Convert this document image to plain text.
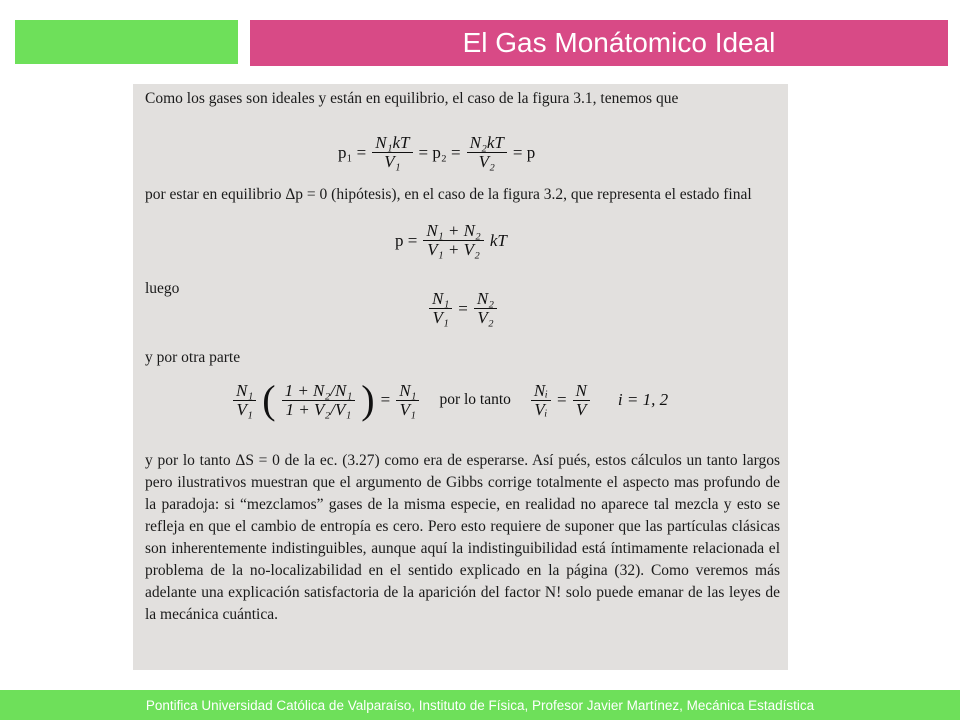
El Gas Monátomico Ideal
Como los gases son ideales y están en equilibrio, el caso de la figura 3.1, tenemos que
$p_1 = \frac{\text{N₁kT}}{\text{V₁}} = p_2 = \frac{\text{N₂kT}}{\text{V₂}} = p$
por estar en equilibrio Δp = 0 (hipótesis), en el caso de la figura 3.2, que representa el estado final
$p = \frac{\text{N₁ + N₂}}{\text{V₁ + V₂}}$ kT
luego
$\frac{\text{N₁}}{\text{V₁}} = \frac{\text{N₂}}{\text{V₂}}$
y por otra parte
$\frac{\text{N₁}}{\text{V₁}}$ ( $\frac{\text{1 + N₂/N₁}}{\text{1 + V₂/V₁}}$ ) = $\frac{\text{N₁}}{\text{V₁}}$ por lo tanto $\frac{\text{Nᵢ}}{\text{Vᵢ}} = \frac{N}{V}$ i = 1, 2
y por lo tanto ΔS = 0 de la ec. (3.27) como era de esperarse. Así pués, estos cálculos un tanto largos pero ilustrativos muestran que el argumento de Gibbs corrige totalmente el aspecto mas profundo de la paradoja: si “mezclamos” gases de la misma especie, en realidad no aparece tal mezcla y esto se refleja en que el cambio de entropía es cero. Pero esto requiere de suponer que las partículas clásicas son inherentemente indistinguibles, aunque aquí la indistinguibilidad está íntimamente relacionada el problema de la no-localizabilidad en el sentido explicado en la página (32). Como veremos más adelante una explicación satisfactoria de la aparición del factor N! solo puede emanar de las leyes de la mecánica cuántica.
Pontifica Universidad Católica de Valparaíso, Instituto de Física, Profesor Javier Martínez, Mecánica Estadística
